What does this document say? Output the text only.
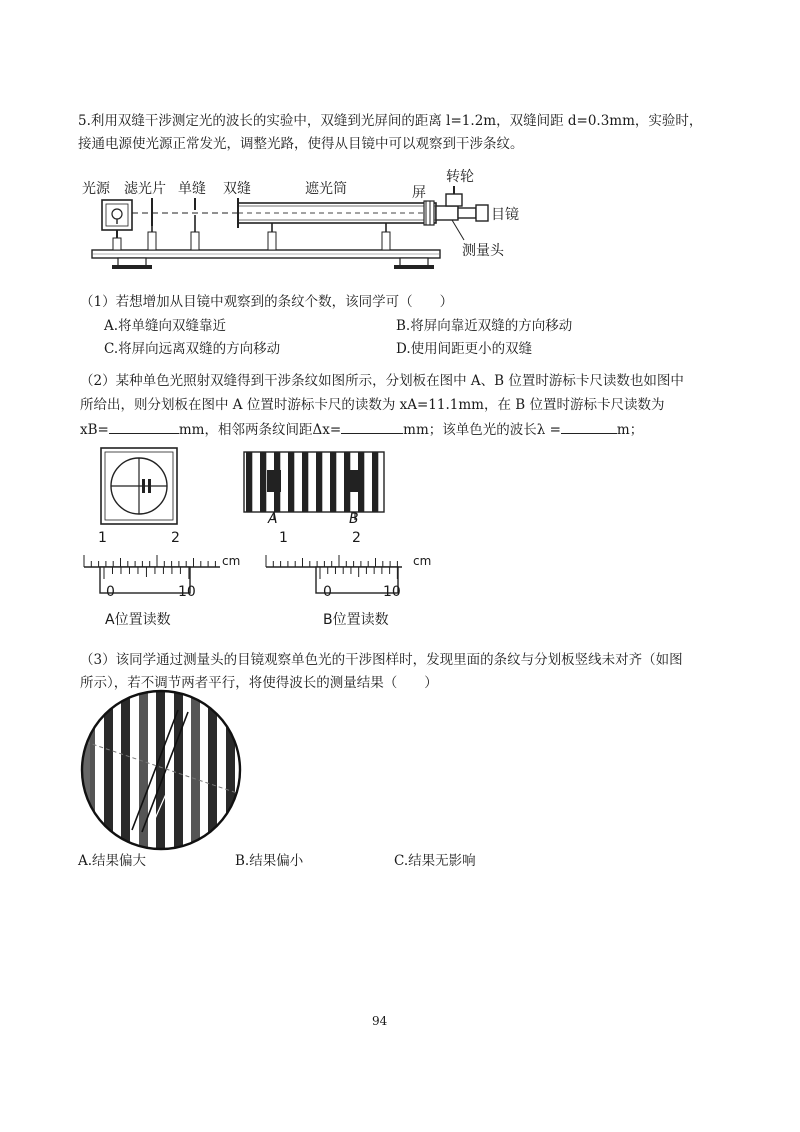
5.利用双缝干涉测定光的波长的实验中，双缝到光屏间的距离 l=1.2m，双缝间距 d=0.3mm，实验时，
接通电源使光源正常发光，调整光路，使得从目镜中可以观察到干涉条纹。
光源 滤光片 单缝 双缝	遮光筒	屏
转轮
目镜
测量头
（1）若想增加从目镜中观察到的条纹个数，该同学可（　　）
A.将单缝向双缝靠近	B.将屏向靠近双缝的方向移动
C.将屏向远离双缝的方向移动	D.使用间距更小的双缝
（2）某种单色光照射双缝得到干涉条纹如图所示，分划板在图中 A、B 位置时游标卡尺读数也如图中
所给出，则分划板在图中 A 位置时游标卡尺的读数为 xA=11.1mm，在 B 位置时游标卡尺读数为
xB=	mm，相邻两条纹间距Δx=	mm；该单色光的波长λ =	m；
A	B
1	2
cm
0	10
A位置读数
1	2
cm
0	10
B位置读数
（3）该同学通过测量头的目镜观察单色光的干涉图样时，发现里面的条纹与分划板竖线未对齐（如图
所示），若不调节两者平行，将使得波长的测量结果（　　）
A.结果偏大	B.结果偏小	C.结果无影响
94
